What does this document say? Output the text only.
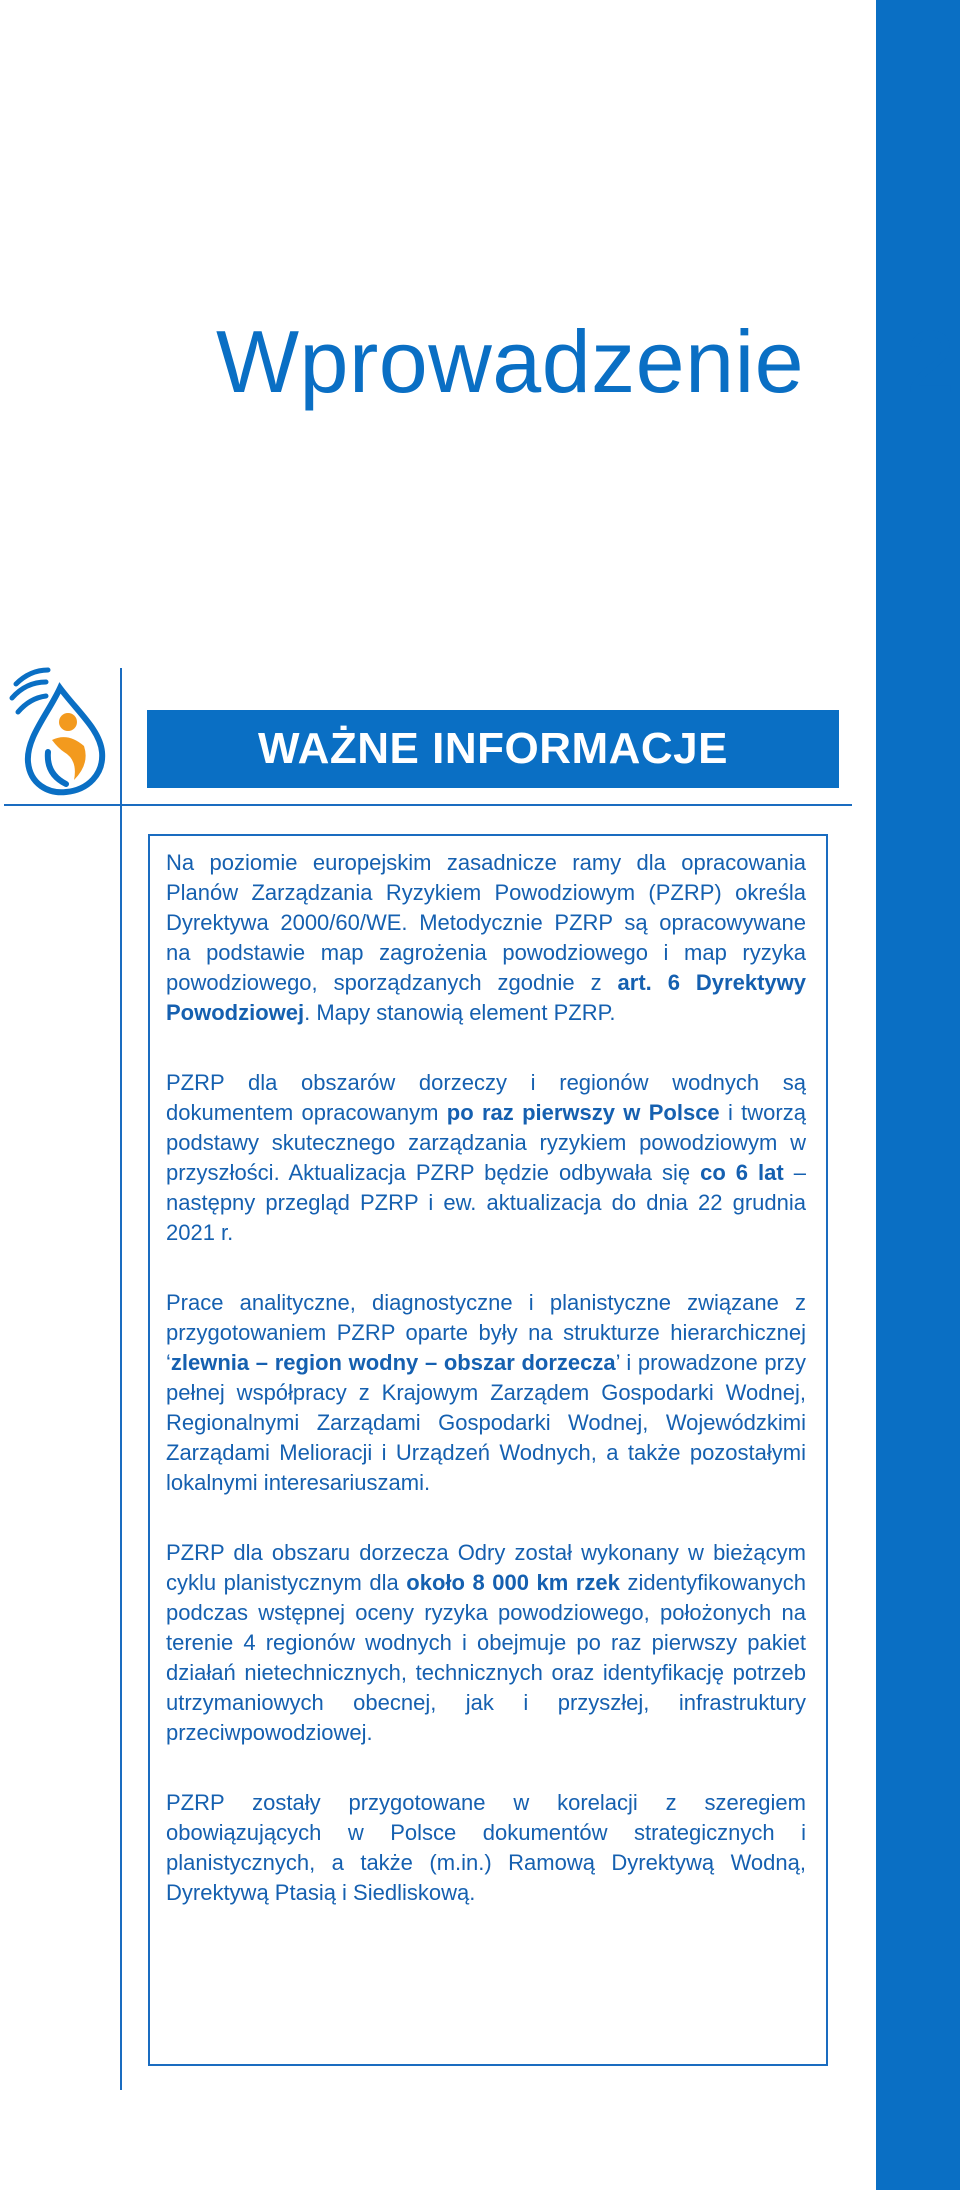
Wprowadzenie 2
WAŻNE INFORMACJE

Na poziomie europejskim zasadnicze ramy dla opracowania Planów Zarządzania Ryzykiem Powodziowym (PZRP) określa Dyrektywa 2000/60/WE. Metodycznie PZRP są opracowywane na podstawie map zagrożenia powodziowego i map ryzyka powodziowego, sporządzanych zgodnie z art. 6 Dyrektywy Powodziowej. Mapy stanowią element PZRP.

PZRP dla obszarów dorzeczy i regionów wodnych są dokumentem opracowanym po raz pierwszy w Polsce i tworzą podstawy skutecznego zarządzania ryzykiem powodziowym w przyszłości. Aktualizacja PZRP będzie odbywała się co 6 lat – następny przegląd PZRP i ew. aktualizacja do dnia 22 grudnia 2021 r.

Prace analityczne, diagnostyczne i planistyczne związane z przygotowaniem PZRP oparte były na strukturze hierarchicznej ‘zlewnia – region wodny – obszar dorzecza’ i prowadzone przy pełnej współpracy z Krajowym Zarządem Gospodarki Wodnej, Regionalnymi Zarządami Gospodarki Wodnej, Wojewódzkimi Zarządami Melioracji i Urządzeń Wodnych, a także pozostałymi lokalnymi interesariuszami.

PZRP dla obszaru dorzecza Odry został wykonany w bieżącym cyklu planistycznym dla około 8 000 km rzek zidentyfikowanych podczas wstępnej oceny ryzyka powodziowego, położonych na terenie 4 regionów wodnych i obejmuje po raz pierwszy pakiet działań nietechnicznych, technicznych oraz identyfikację potrzeb utrzymaniowych obecnej, jak i przyszłej, infrastruktury przeciwpowodziowej.

PZRP zostały przygotowane w korelacji z szeregiem obowiązujących w Polsce dokumentów strategicznych i planistycznych, a także (m.in.) Ramową Dyrektywą Wodną, Dyrektywą Ptasią i Siedliskową.
